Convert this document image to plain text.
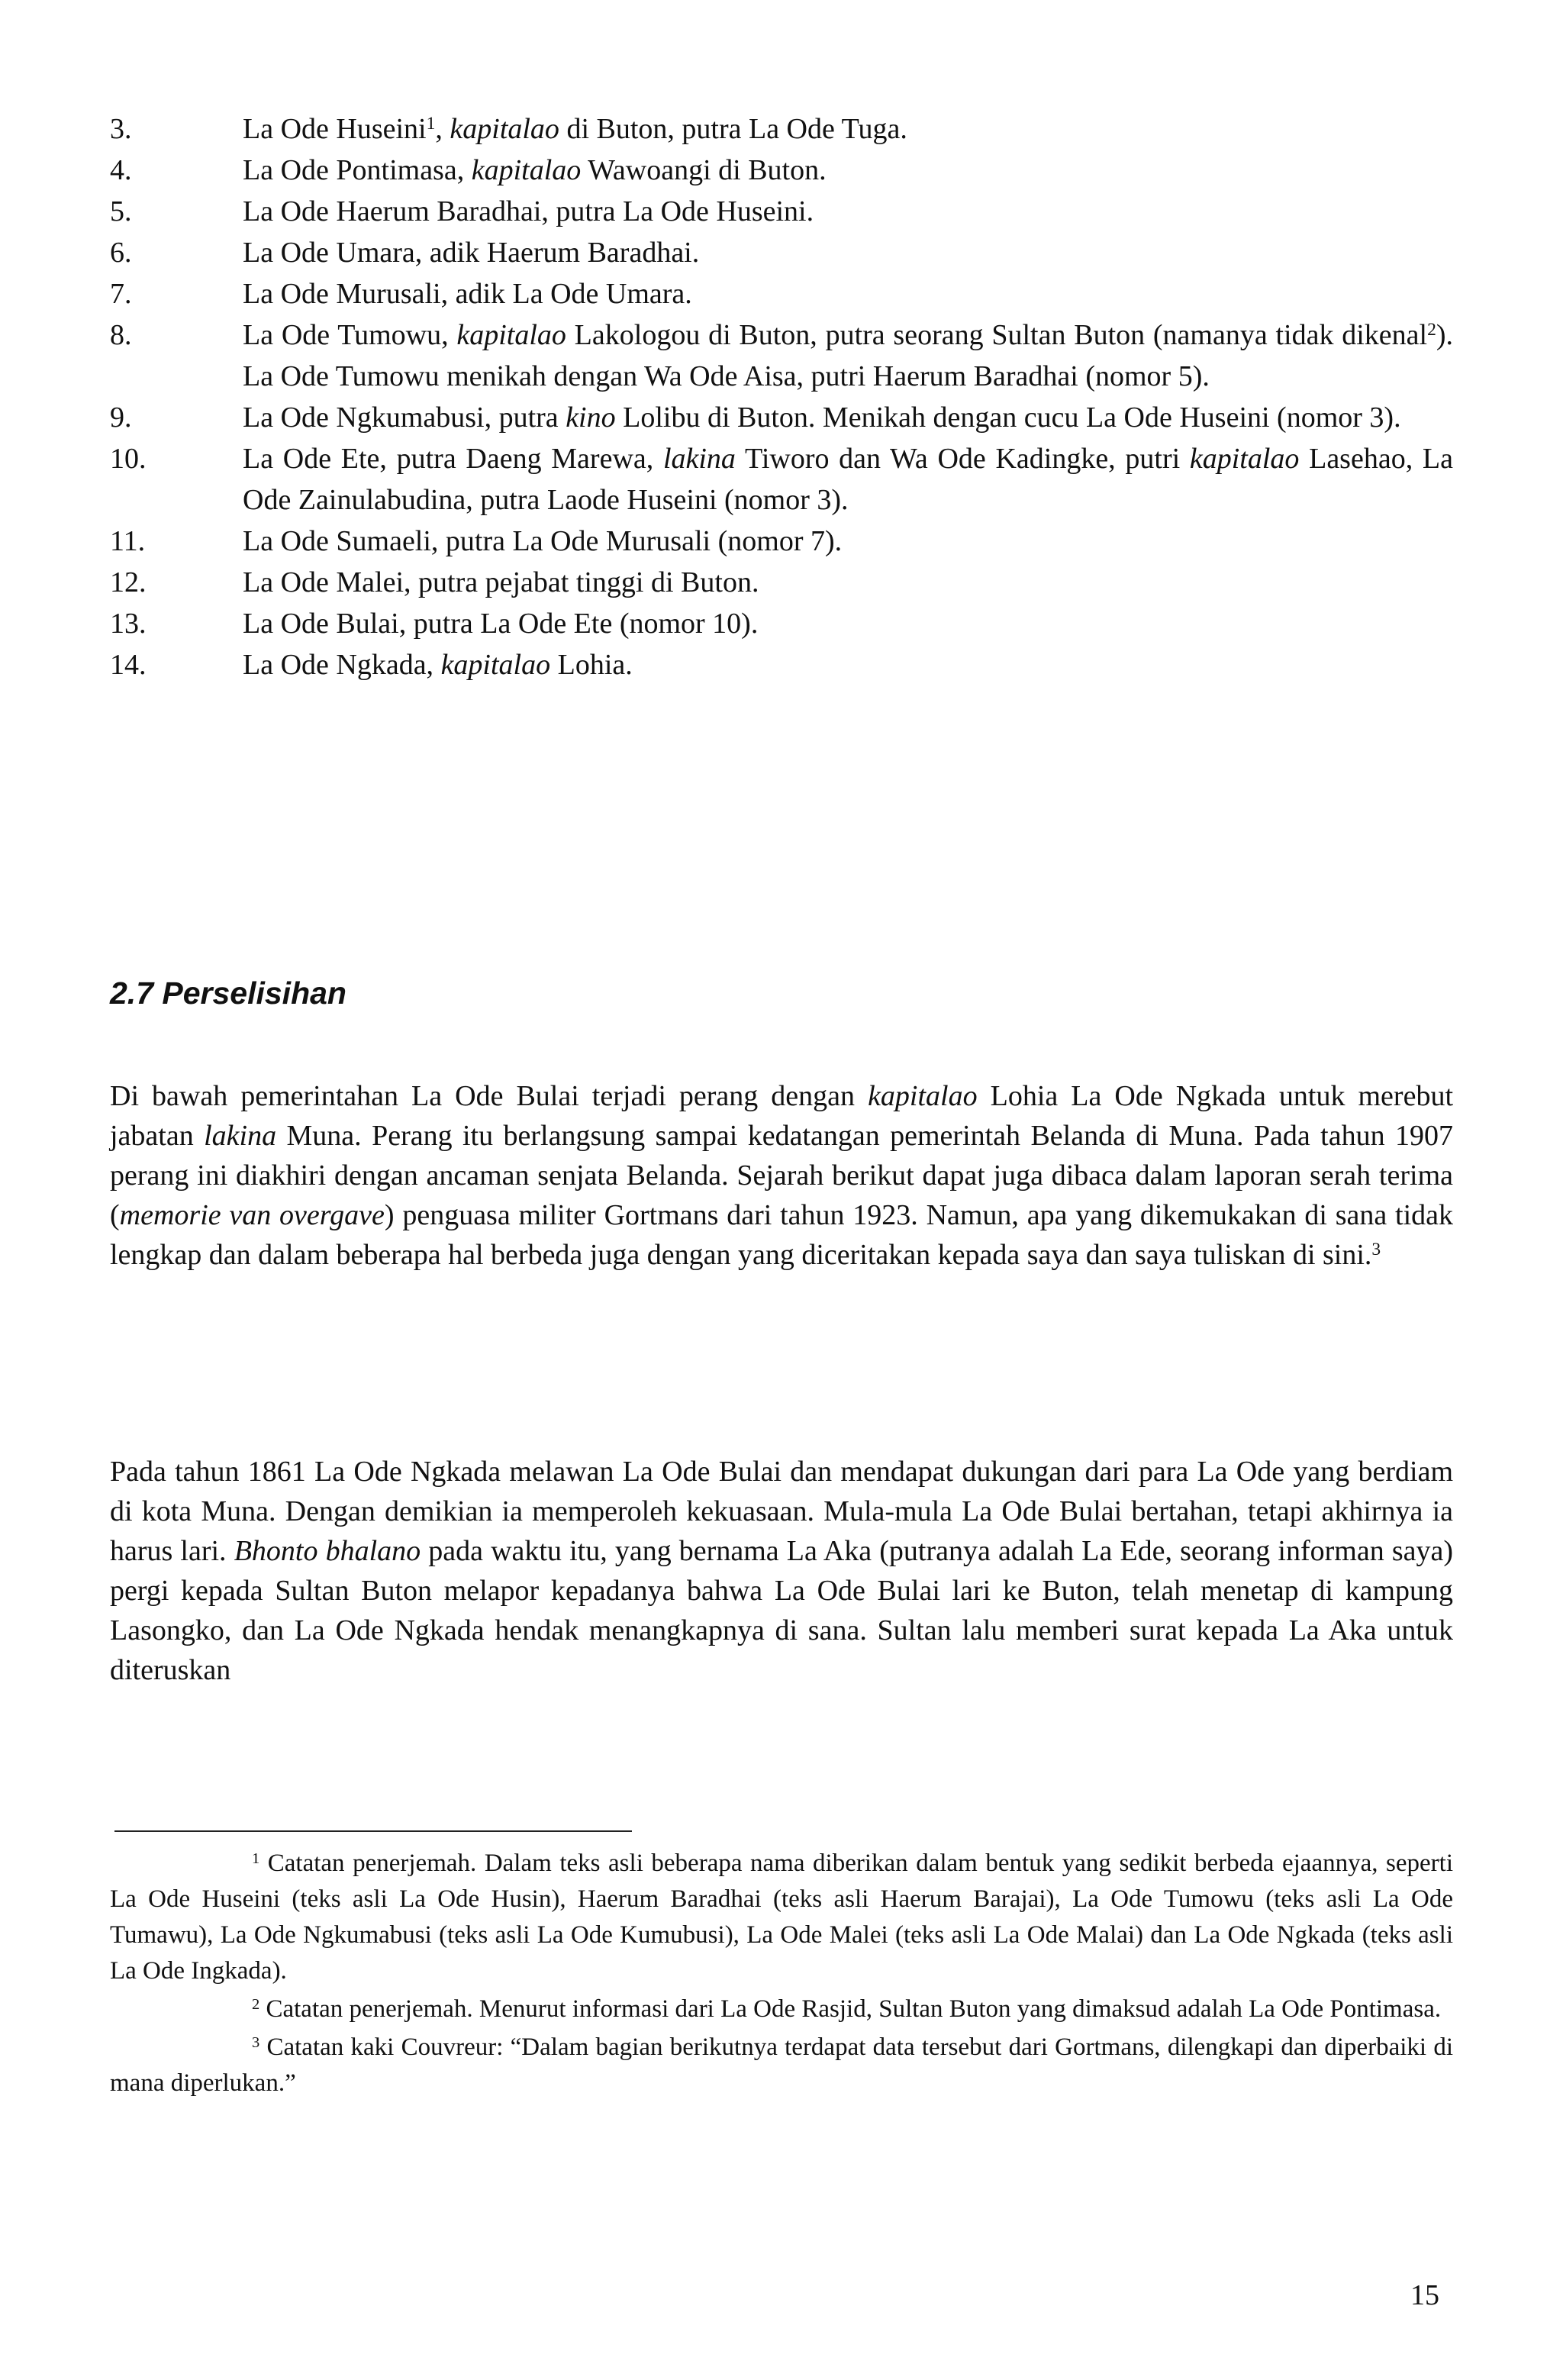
3.	La Ode Huseini$^1$, kapitalao di Buton, putra La Ode Tuga.
4.	La Ode Pontimasa, kapitalao Wawoangi di Buton.
5.	La Ode Haerum Baradhai, putra La Ode Huseini.
6.	La Ode Umara, adik Haerum Baradhai.
7.	La Ode Murusali, adik La Ode Umara.
8.	La Ode Tumowu, kapitalao Lakologou di Buton, putra seorang Sultan Buton (namanya tidak dikenal$^2$). La Ode Tumowu menikah dengan Wa Ode Aisa, putri Haerum Baradhai (nomor 5).
9.	La Ode Ngkumabusi, putra kino Lolibu di Buton. Menikah dengan cucu La Ode Huseini (nomor 3).
10.	La Ode Ete, putra Daeng Marewa, lakina Tiworo dan Wa Ode Kadingke, putri kapitalao Lasehao, La Ode Zainulabudina, putra Laode Huseini (nomor 3).
11.	La Ode Sumaeli, putra La Ode Murusali (nomor 7).
12.	La Ode Malei, putra pejabat tinggi di Buton.
13.	La Ode Bulai, putra La Ode Ete (nomor 10).
14.	La Ode Ngkada, kapitalao Lohia.
2.7 Perselisihan

Di bawah pemerintahan La Ode Bulai terjadi perang dengan kapitalao Lohia La Ode Ngkada untuk merebut jabatan lakina Muna. Perang itu berlangsung sampai kedatangan pemerintah Belanda di Muna. Pada tahun 1907 perang ini diakhiri dengan ancaman senjata Belanda. Sejarah berikut dapat juga dibaca dalam laporan serah terima (memorie van overgave) penguasa militer Gortmans dari tahun 1923. Namun, apa yang dikemukakan di sana tidak lengkap dan dalam beberapa hal berbeda juga dengan yang diceritakan kepada saya dan saya tuliskan di sini.$^3$

Pada tahun 1861 La Ode Ngkada melawan La Ode Bulai dan mendapat dukungan dari para La Ode yang berdiam di kota Muna. Dengan demikian ia memperoleh kekuasaan. Mula-mula La Ode Bulai bertahan, tetapi akhirnya ia harus lari. Bhonto bhalano pada waktu itu, yang bernama La Aka (putranya adalah La Ede, seorang informan saya) pergi kepada Sultan Buton melapor kepadanya bahwa La Ode Bulai lari ke Buton, telah menetap di kampung Lasongko, dan La Ode Ngkada hendak menangkapnya di sana. Sultan lalu memberi surat kepada La Aka untuk diteruskan

$^1$ Catatan penerjemah. Dalam teks asli beberapa nama diberikan dalam bentuk yang sedikit berbeda ejaannya, seperti La Ode Huseini (teks asli La Ode Husin), Haerum Baradhai (teks asli Haerum Barajai), La Ode Tumowu (teks asli La Ode Tumawu), La Ode Ngkumabusi (teks asli La Ode Kumubusi), La Ode Malei (teks asli La Ode Malai) dan La Ode Ngkada (teks asli La Ode Ingkada).

$^2$ Catatan penerjemah. Menurut informasi dari La Ode Rasjid, Sultan Buton yang dimaksud adalah La Ode Pontimasa.

$^3$ Catatan kaki Couvreur: “Dalam bagian berikutnya terdapat data tersebut dari Gortmans, dilengkapi dan diperbaiki di mana diperlukan.”

15
